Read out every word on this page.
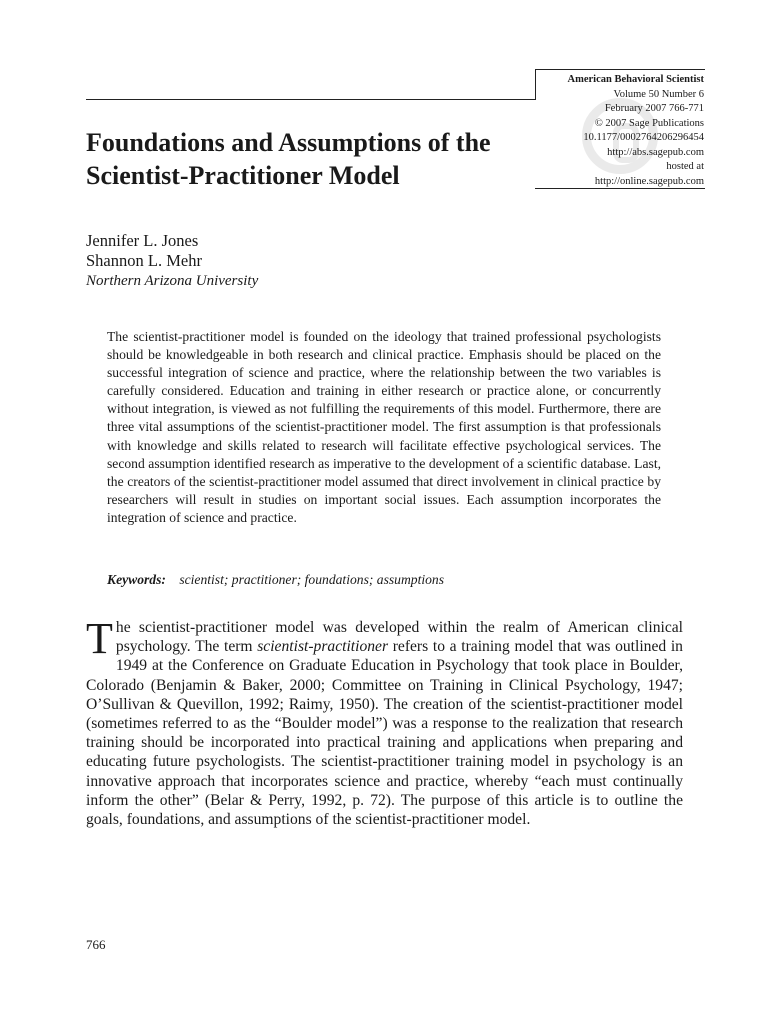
American Behavioral Scientist
Volume 50 Number 6
February 2007 766-771
© 2007 Sage Publications
10.1177/0002764206296454
http://abs.sagepub.com
hosted at
http://online.sagepub.com
Foundations and Assumptions of the Scientist-Practitioner Model
Jennifer L. Jones
Shannon L. Mehr
Northern Arizona University

The scientist-practitioner model is founded on the ideology that trained professional psychologists should be knowledgeable in both research and clinical practice. Emphasis should be placed on the successful integration of science and practice, where the relationship between the two variables is carefully considered. Education and training in either research or practice alone, or concurrently without integration, is viewed as not fulfilling the requirements of this model. Furthermore, there are three vital assumptions of the scientist-practitioner model. The first assumption is that professionals with knowledge and skills related to research will facilitate effective psychological services. The second assumption identified research as imperative to the development of a scientific database. Last, the creators of the scientist-practitioner model assumed that direct involvement in clinical practice by researchers will result in studies on important social issues. Each assumption incorporates the integration of science and practice.

Keywords: scientist; practitioner; foundations; assumptions

The scientist-practitioner model was developed within the realm of American clinical psychology. The term scientist-practitioner refers to a training model that was outlined in 1949 at the Conference on Graduate Education in Psychology that took place in Boulder, Colorado (Benjamin & Baker, 2000; Committee on Training in Clinical Psychology, 1947; O’Sullivan & Quevillon, 1992; Raimy, 1950). The creation of the scientist-practitioner model (sometimes referred to as the “Boulder model”) was a response to the realization that research training should be incorporated into practical training and applications when preparing and educating future psychologists. The scientist-practitioner training model in psychology is an innovative approach that incorporates science and practice, whereby “each must continually inform the other” (Belar & Perry, 1992, p. 72). The purpose of this article is to outline the goals, foundations, and assumptions of the scientist-practitioner model.

766
